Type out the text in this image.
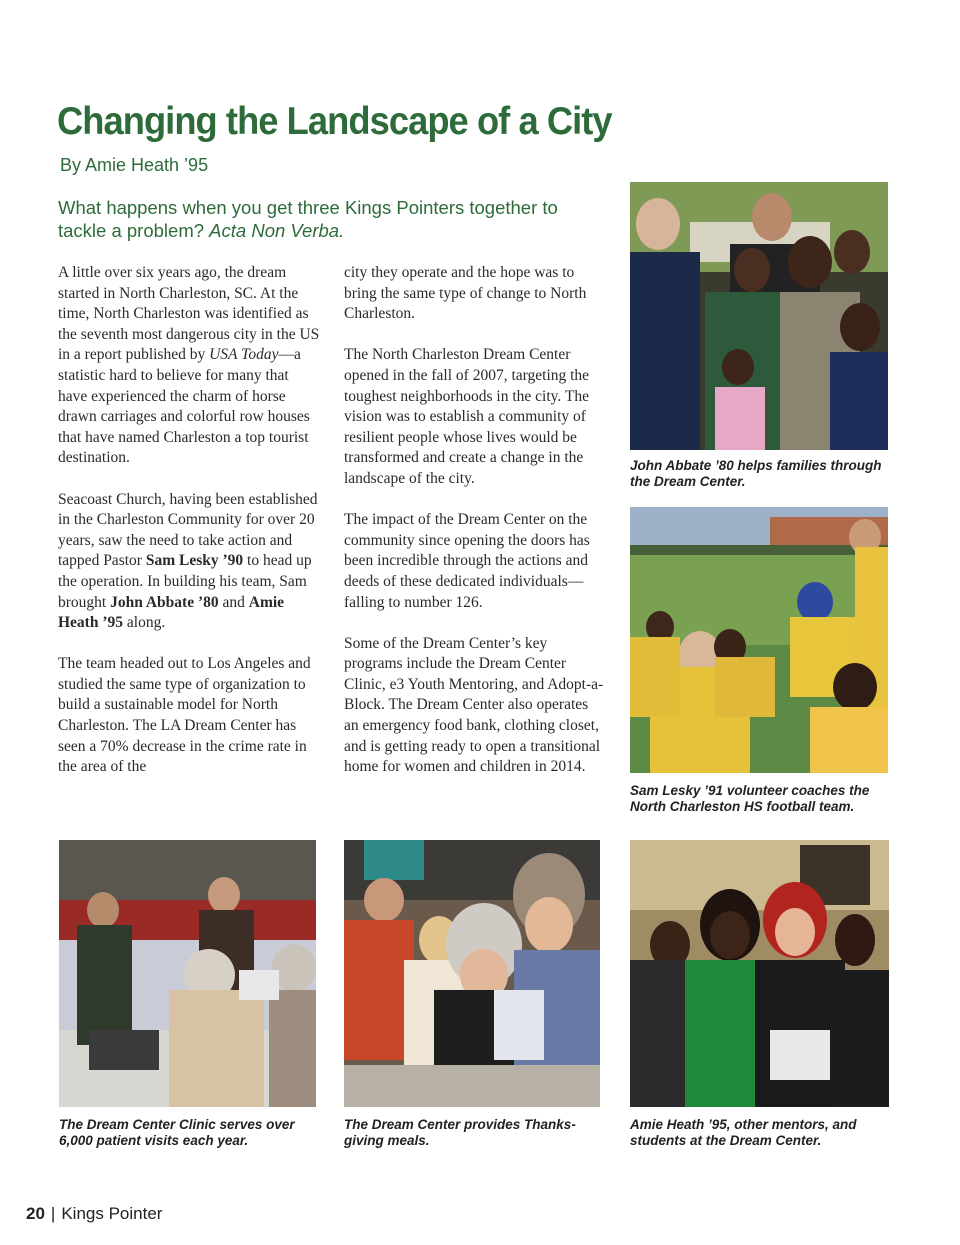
Changing the Landscape of a City
By Amie Heath ’95
What happens when you get three Kings Pointers together to tackle a problem? Acta Non Verba.

A little over six years ago, the dream started in North Charleston, SC. At the time, North Charleston was identified as the seventh most dangerous city in the US in a report published by USA Today—a statistic hard to believe for many that have experienced the charm of horse drawn carriages and colorful row houses that have named Charleston a top tourist destination.

Seacoast Church, having been established in the Charleston Community for over 20 years, saw the need to take action and tapped Pastor Sam Lesky ’90 to head up the operation. In building his team, Sam brought John Abbate ’80 and Amie Heath ’95 along.

The team headed out to Los Angeles and studied the same type of organization to build a sustainable model for North Charleston. The LA Dream Center has seen a 70% decrease in the crime rate in the area of the

city they operate and the hope was to bring the same type of change to North Charleston.

The North Charleston Dream Center opened in the fall of 2007, targeting the toughest neighborhoods in the city. The vision was to establish a community of resilient people whose lives would be transformed and create a change in the landscape of the city.

The impact of the Dream Center on the community since opening the doors has been incredible through the actions and deeds of these dedicated individuals—falling to number 126.

Some of the Dream Center’s key programs include the Dream Center Clinic, e3 Youth Mentoring, and Adopt-a-Block. The Dream Center also operates an emergency food bank, clothing closet, and is getting ready to open a transitional home for women and children in 2014.

John Abbate ’80 helps families through the Dream Center.
Sam Lesky ’91 volunteer coaches the North Charleston HS football team.
The Dream Center Clinic serves over 6,000 patient visits each year.
The Dream Center provides Thanks-giving meals.
Amie Heath ’95, other mentors, and students at the Dream Center.
20 | Kings Pointer
